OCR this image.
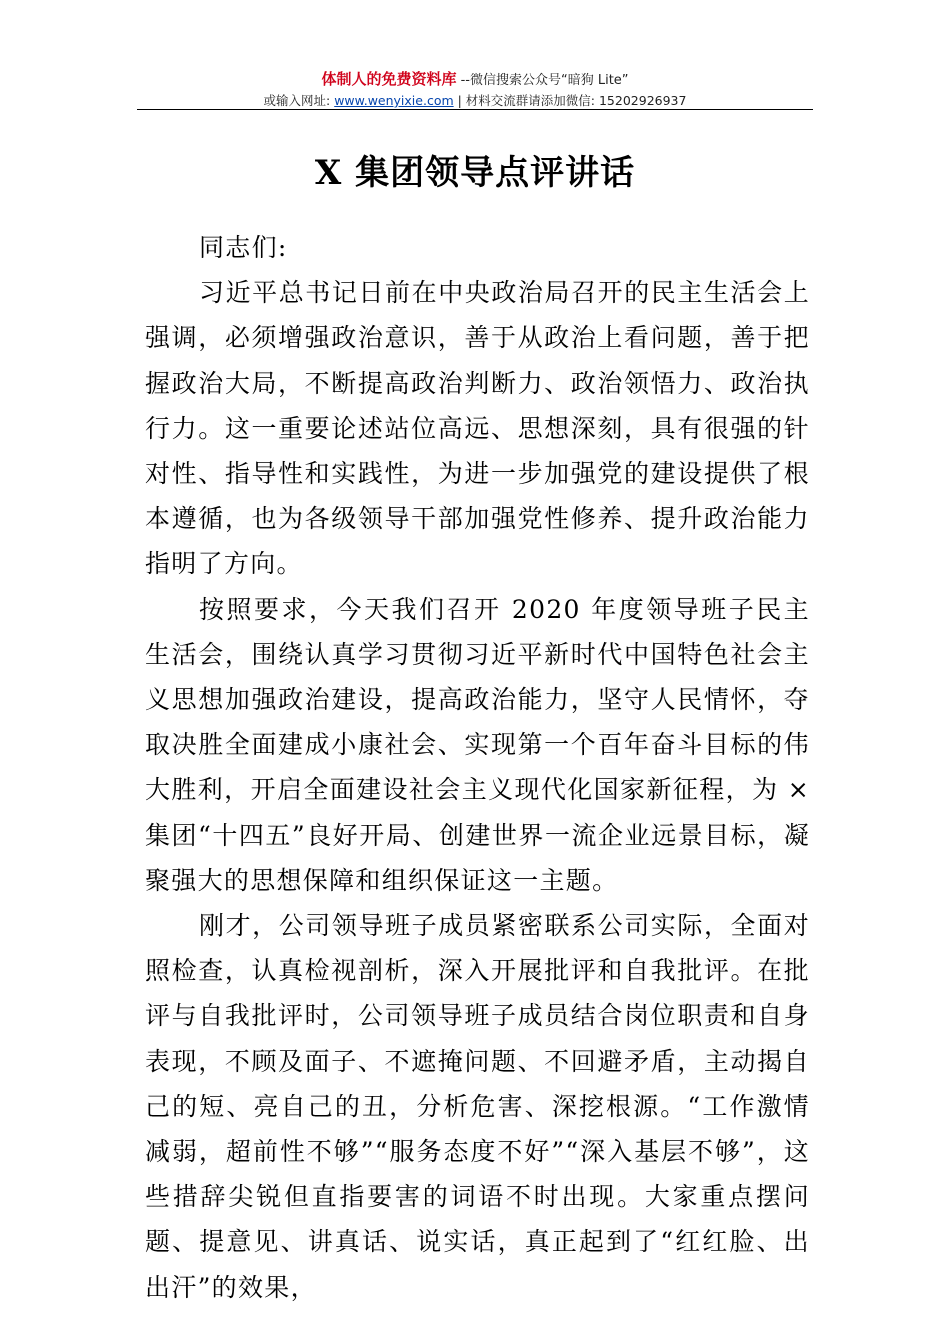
体制人的免费资料库 --微信搜索公众号“暗狗 Lite”
或输入网址: www.wenyixie.com | 材料交流群请添加微信: 15202926937
X 集团领导点评讲话

同志们:

习近平总书记日前在中央政治局召开的民主生活会上强调，必须增强政治意识，善于从政治上看问题，善于把握政治大局，不断提高政治判断力、政治领悟力、政治执行力。这一重要论述站位高远、思想深刻，具有很强的针对性、指导性和实践性，为进一步加强党的建设提供了根本遵循，也为各级领导干部加强党性修养、提升政治能力指明了方向。

按照要求，今天我们召开 2020 年度领导班子民主生活会，围绕认真学习贯彻习近平新时代中国特色社会主义思想加强政治建设，提高政治能力，坚守人民情怀，夺取决胜全面建成小康社会、实现第一个百年奋斗目标的伟大胜利，开启全面建设社会主义现代化国家新征程，为 × 集团“十四五”良好开局、创建世界一流企业远景目标，凝聚强大的思想保障和组织保证这一主题。

刚才，公司领导班子成员紧密联系公司实际，全面对照检查，认真检视剖析，深入开展批评和自我批评。在批评与自我批评时，公司领导班子成员结合岗位职责和自身表现，不顾及面子、不遮掩问题、不回避矛盾，主动揭自己的短、亮自己的丑，分析危害、深挖根源。“工作激情减弱，超前性不够”“服务态度不好”“深入基层不够”，这些措辞尖锐但直指要害的词语不时出现。大家重点摆问题、提意见、讲真话、说实话，真正起到了“红红脸、出出汗”的效果，
